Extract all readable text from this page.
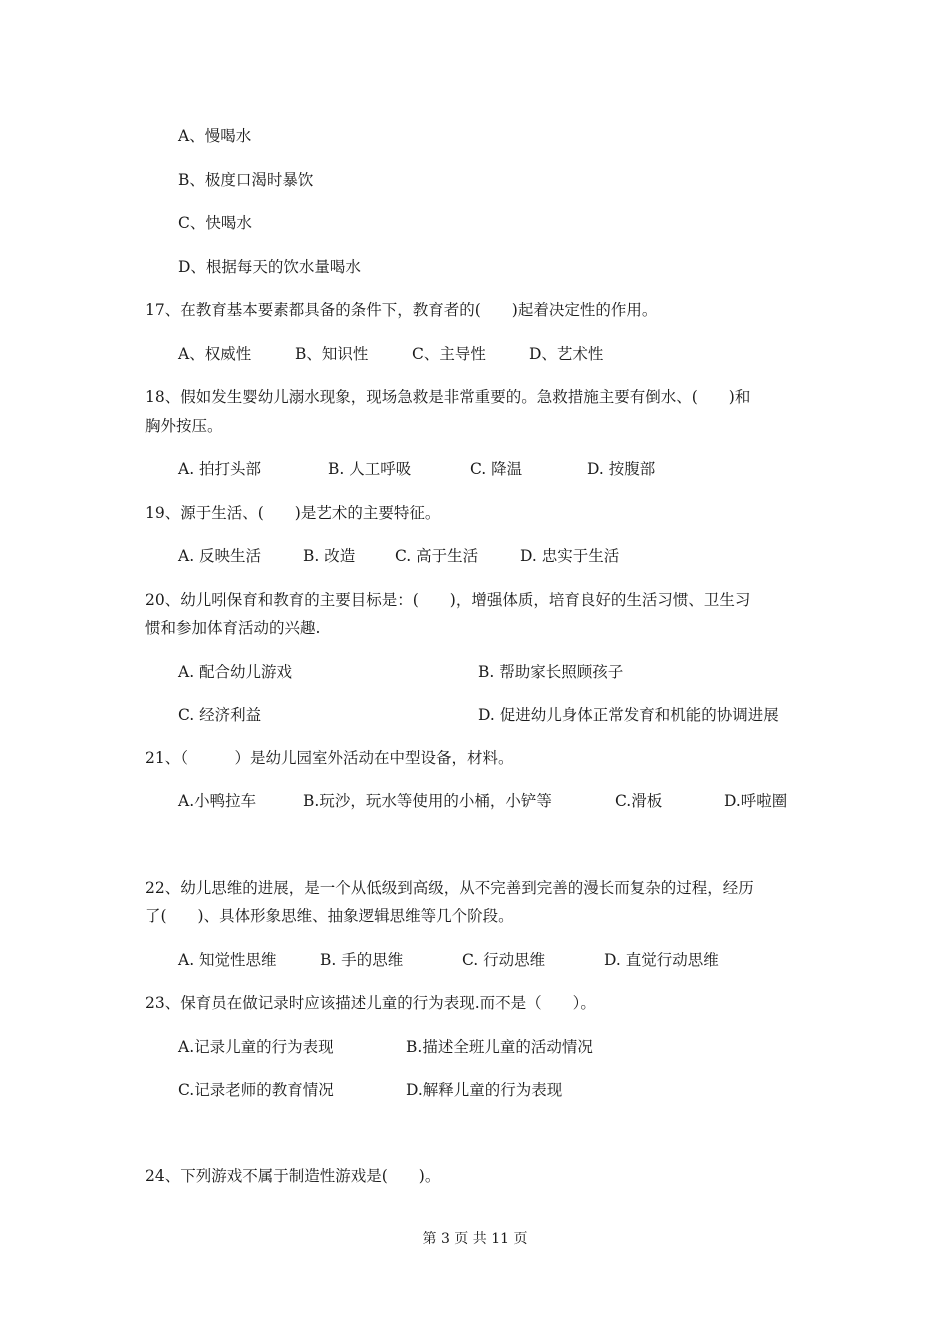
A、慢喝水
B、极度口渴时暴饮
C、快喝水
D、根据每天的饮水量喝水
17、在教育基本要素都具备的条件下，教育者的(　　)起着决定性的作用。
A、权威性	B、知识性	C、主导性	D、艺术性
18、假如发生婴幼儿溺水现象，现场急救是非常重要的。急救措施主要有倒水、(　　)和
胸外按压。
A. 拍打头部	B. 人工呼吸	C. 降温	D. 按腹部
19、源于生活、(　　)是艺术的主要特征。
A. 反映生活	B. 改造	C. 高于生活	D. 忠实于生活
20、幼儿吲保育和教育的主要目标是：(　　)，增强体质，培育良好的生活习惯、卫生习
惯和参加体育活动的兴趣.
A. 配合幼儿游戏	B. 帮助家长照顾孩子
C. 经济利益	D. 促进幼儿身体正常发育和机能的协调进展
21、（　　　）是幼儿园室外活动在中型设备，材料。
A.小鸭拉车	B.玩沙，玩水等使用的小桶，小铲等	C.滑板	D.呼啦圈
22、幼儿思维的进展，是一个从低级到高级，从不完善到完善的漫长而复杂的过程，经历
了(　　)、具体形象思维、抽象逻辑思维等几个阶段。
A. 知觉性思维	B. 手的思维	C. 行动思维	D. 直觉行动思维
23、保育员在做记录时应该描述儿童的行为表现.而不是（　　）。
A.记录儿童的行为表现	B.描述全班儿童的活动情况
C.记录老师的教育情况	D.解释儿童的行为表现
24、下列游戏不属于制造性游戏是(　　)。
第 3 页 共 11 页
